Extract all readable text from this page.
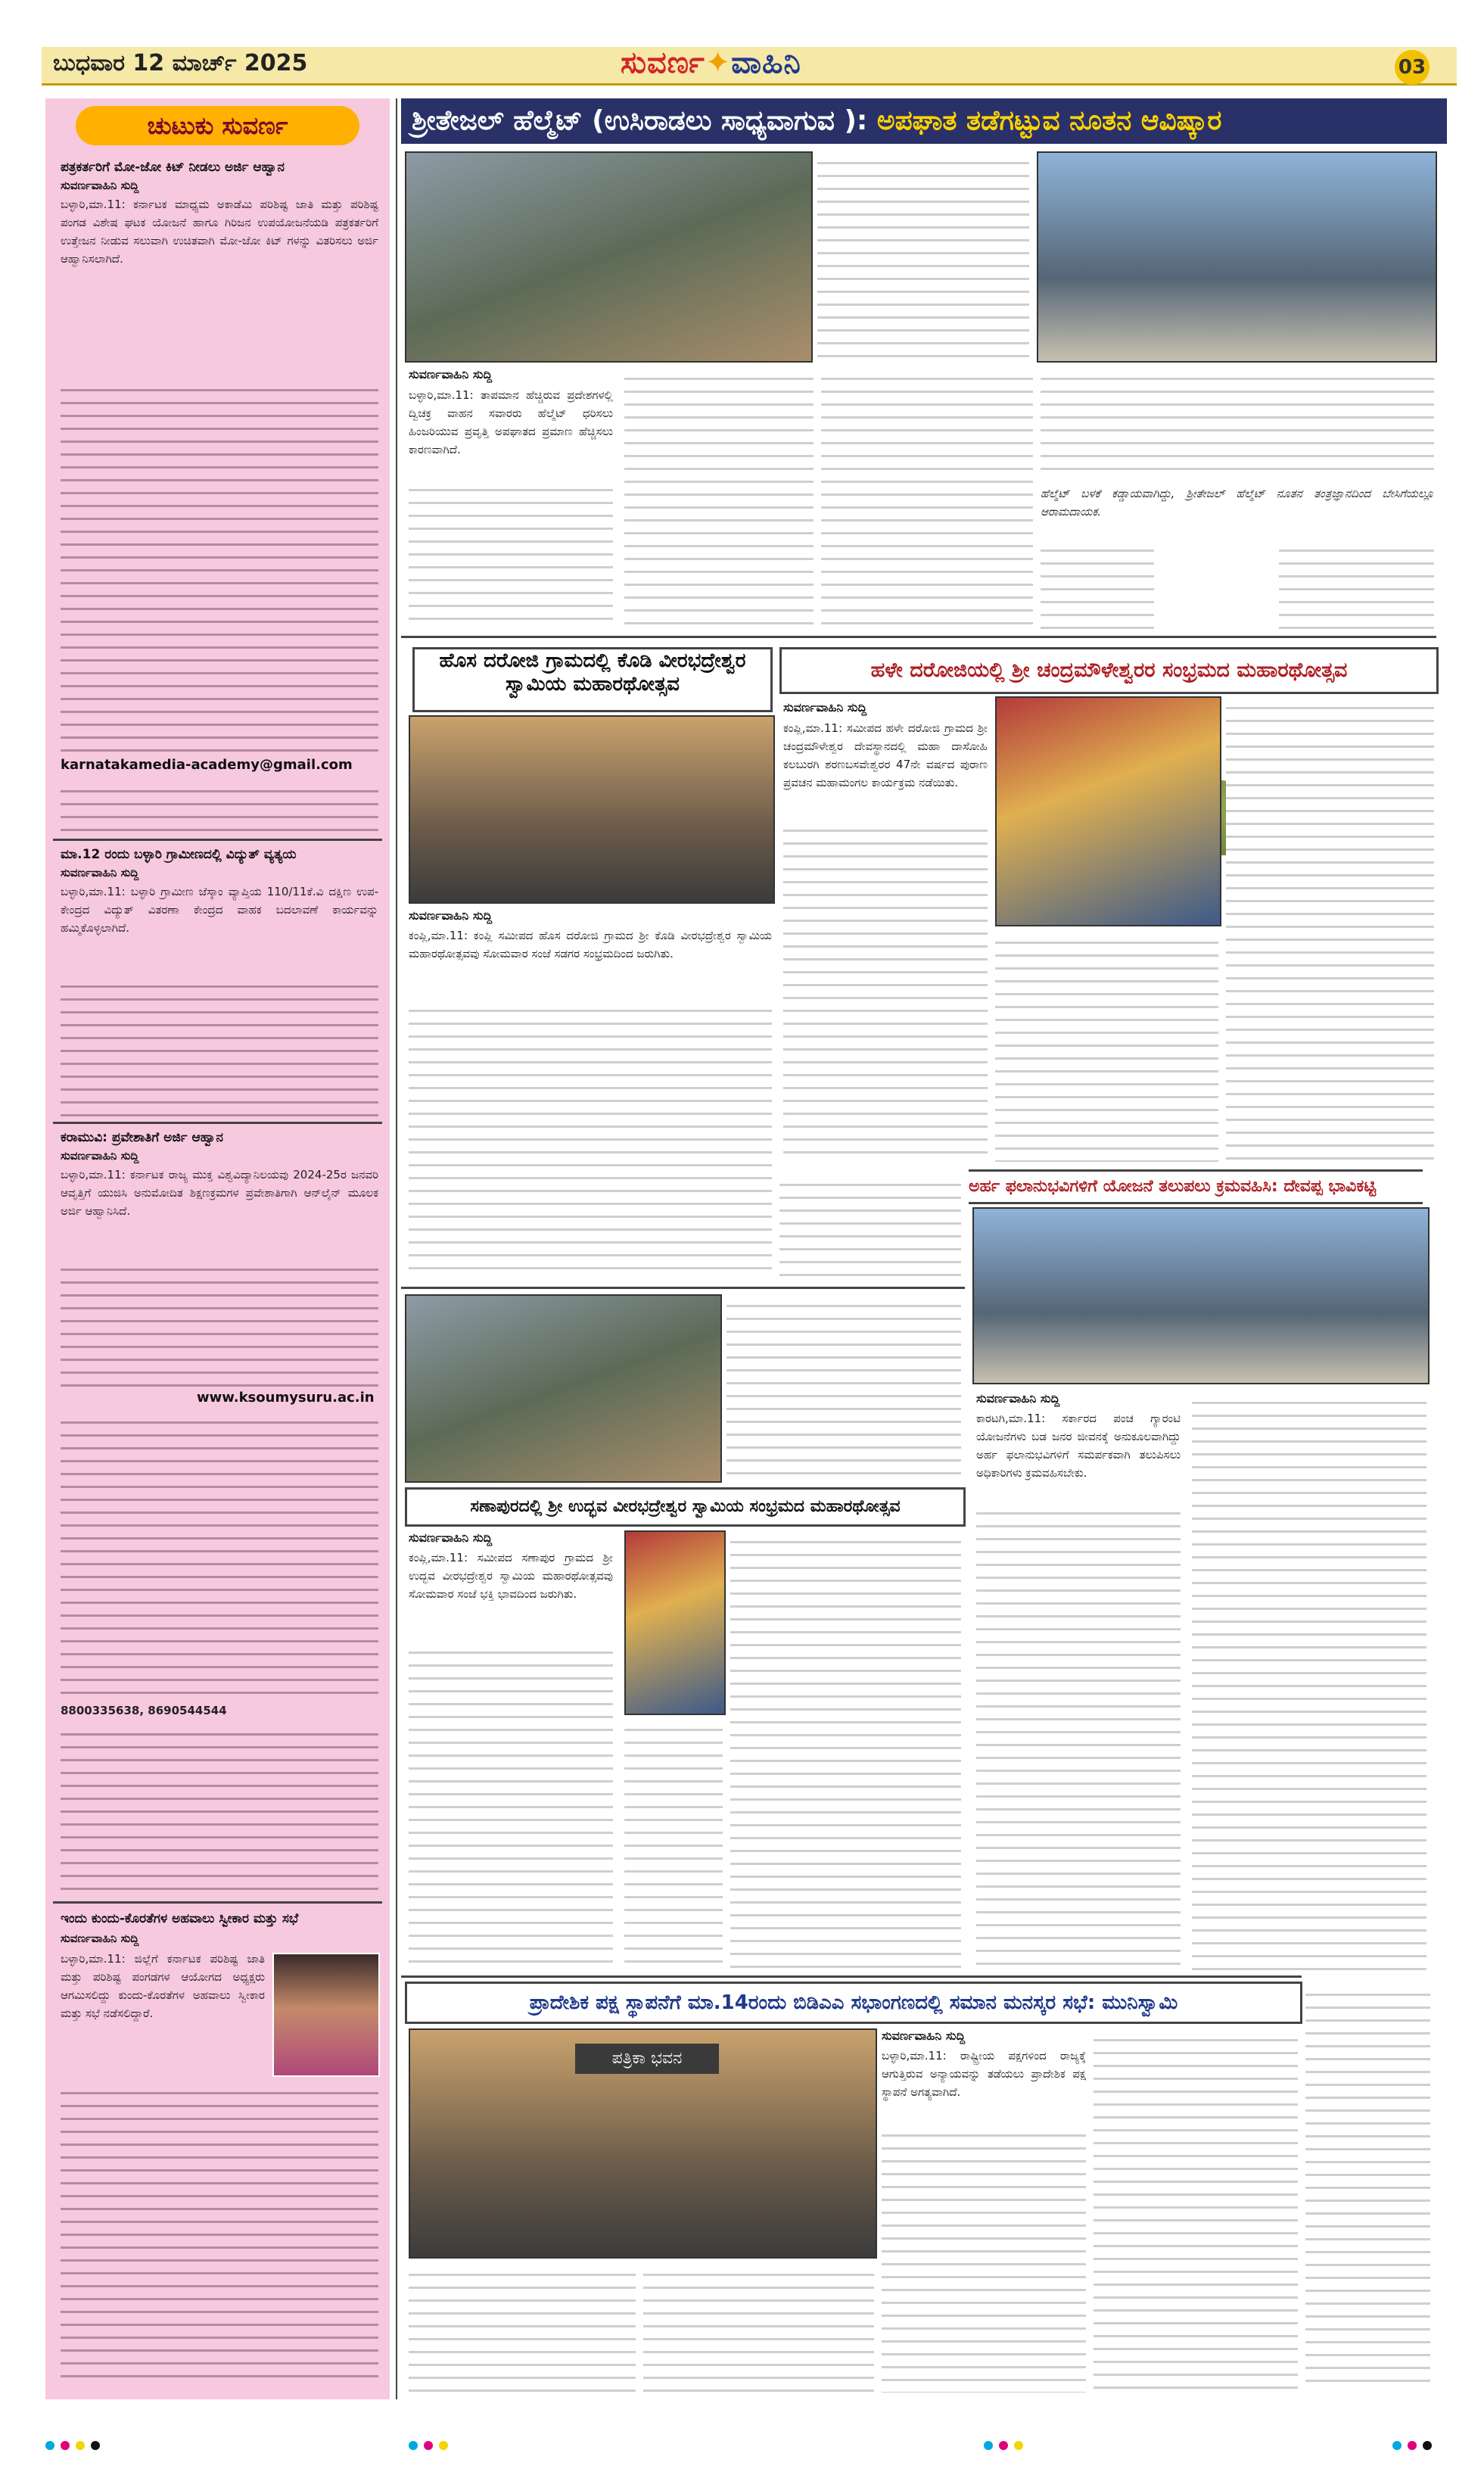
ಬುಧವಾರ 12 ಮಾರ್ಚ್ 2025	ಸುವರ್ಣ✦ವಾಹಿನಿ	03
ಚುಟುಕು ಸುವರ್ಣ
ಪತ್ರಕರ್ತರಿಗೆ ಮೋ-ಜೋ ಕಿಟ್ ನೀಡಲು ಅರ್ಜಿ ಆಹ್ವಾನ
ಸುವರ್ಣವಾಹಿನಿ ಸುದ್ದಿ
ಬಳ್ಳಾರಿ,ಮಾ.11: ಕರ್ನಾಟಕ ಮಾಧ್ಯಮ ಅಕಾಡೆಮಿ ಪರಿಶಿಷ್ಟ ಜಾತಿ ಮತ್ತು ಪರಿಶಿಷ್ಟ ಪಂಗಡ ವಿಶೇಷ ಘಟಕ ಯೋಜನೆ ಹಾಗೂ ಗಿರಿಜನ ಉಪಯೋಜನೆಯಡಿ ಪತ್ರಕರ್ತರಿಗೆ ಉತ್ತೇಜನ ನೀಡುವ ಸಲುವಾಗಿ ಉಚಿತವಾಗಿ ಮೋ-ಜೋ ಕಿಟ್ ಗಳನ್ನು ವಿತರಿಸಲು ಅರ್ಜಿ ಆಹ್ವಾನಿಸಲಾಗಿದೆ.
karnatakamedia-academy@gmail.com
ಮಾ.12 ರಂದು ಬಳ್ಳಾರಿ ಗ್ರಾಮೀಣದಲ್ಲಿ ವಿದ್ಯುತ್ ವ್ಯತ್ಯಯ
ಸುವರ್ಣವಾಹಿನಿ ಸುದ್ದಿ
ಬಳ್ಳಾರಿ,ಮಾ.11: ಬಳ್ಳಾರಿ ಗ್ರಾಮೀಣ ಜೆಸ್ಕಾಂ ವ್ಯಾಪ್ತಿಯ 110/11ಕೆ.ವಿ ದಕ್ಷಿಣ ಉಪ-ಕೇಂದ್ರದ ವಿದ್ಯುತ್ ವಿತರಣಾ ಕೇಂದ್ರದ ವಾಹಕ ಬದಲಾವಣೆ ಕಾರ್ಯವನ್ನು ಹಮ್ಮಿಕೊಳ್ಳಲಾಗಿದೆ.
ಕರಾಮುವಿ: ಪ್ರವೇಶಾತಿಗೆ ಅರ್ಜಿ ಆಹ್ವಾನ
ಸುವರ್ಣವಾಹಿನಿ ಸುದ್ದಿ
ಬಳ್ಳಾರಿ,ಮಾ.11: ಕರ್ನಾಟಕ ರಾಜ್ಯ ಮುಕ್ತ ವಿಶ್ವವಿದ್ಯಾನಿಲಯವು 2024-25ರ ಜನವರಿ ಆವೃತ್ತಿಗೆ ಯುಜಿಸಿ ಅನುಮೋದಿತ ಶಿಕ್ಷಣಕ್ರಮಗಳ ಪ್ರವೇಶಾತಿಗಾಗಿ ಆನ್‌ಲೈನ್ ಮೂಲಕ ಅರ್ಜಿ ಆಹ್ವಾನಿಸಿದೆ.
www.ksoumysuru.ac.in
8800335638, 8690544544
ಇಂದು ಕುಂದು-ಕೊರತೆಗಳ ಅಹವಾಲು ಸ್ವೀಕಾರ ಮತ್ತು ಸಭೆ
ಸುವರ್ಣವಾಹಿನಿ ಸುದ್ದಿ
ಬಳ್ಳಾರಿ,ಮಾ.11: ಜಿಲ್ಲೆಗೆ ಕರ್ನಾಟಕ ಪರಿಶಿಷ್ಟ ಜಾತಿ ಮತ್ತು ಪರಿಶಿಷ್ಟ ಪಂಗಡಗಳ ಆಯೋಗದ ಅಧ್ಯಕ್ಷರು ಆಗಮಿಸಲಿದ್ದು ಕುಂದು-ಕೊರತೆಗಳ ಅಹವಾಲು ಸ್ವೀಕಾರ ಮತ್ತು ಸಭೆ ನಡೆಸಲಿದ್ದಾರೆ.
ಶ್ರೀತೇಜಲ್ ಹೆಲ್ಮೆಟ್ (ಉಸಿರಾಡಲು ಸಾಧ್ಯವಾಗುವ ): ಅಪಘಾತ ತಡೆಗಟ್ಟುವ ನೂತನ ಆವಿಷ್ಕಾರ
ಸುವರ್ಣವಾಹಿನಿ ಸುದ್ದಿ
ಬಳ್ಳಾರಿ,ಮಾ.11: ತಾಪಮಾನ ಹೆಚ್ಚಿರುವ ಪ್ರದೇಶಗಳಲ್ಲಿ ದ್ವಿಚಕ್ರ ವಾಹನ ಸವಾರರು ಹೆಲ್ಮೆಟ್ ಧರಿಸಲು ಹಿಂಜರಿಯುವ ಪ್ರವೃತ್ತಿ ಅಪಘಾತದ ಪ್ರಮಾಣ ಹೆಚ್ಚಿಸಲು ಕಾರಣವಾಗಿದೆ.
ಹೆಲ್ಮೆಟ್ ಬಳಕೆ ಕಡ್ಡಾಯವಾಗಿದ್ದು, ಶ್ರೀತೇಜಲ್ ಹೆಲ್ಮೆಟ್ ನೂತನ ತಂತ್ರಜ್ಞಾನದಿಂದ ಬೇಸಿಗೆಯಲ್ಲೂ ಆರಾಮದಾಯಕ.
ಹೊಸ ದರೋಜಿ ಗ್ರಾಮದಲ್ಲಿ ಕೊಡಿ ವೀರಭದ್ರೇಶ್ವರ ಸ್ವಾಮಿಯ ಮಹಾರಥೋತ್ಸವ
ಸುವರ್ಣವಾಹಿನಿ ಸುದ್ದಿ
ಕಂಪ್ಲಿ,ಮಾ.11: ಕಂಪ್ಲಿ ಸಮೀಪದ ಹೊಸ ದರೋಜಿ ಗ್ರಾಮದ ಶ್ರೀ ಕೊಡಿ ವೀರಭದ್ರೇಶ್ವರ ಸ್ವಾಮಿಯ ಮಹಾರಥೋತ್ಸವವು ಸೋಮವಾರ ಸಂಜೆ ಸಡಗರ ಸಂಭ್ರಮದಿಂದ ಜರುಗಿತು.
ಹಳೇ ದರೋಜಿಯಲ್ಲಿ ಶ್ರೀ ಚಂದ್ರಮೌಳೇಶ್ವರರ ಸಂಭ್ರಮದ ಮಹಾರಥೋತ್ಸವ
ಸುವರ್ಣವಾಹಿನಿ ಸುದ್ದಿ
ಕಂಪ್ಲಿ,ಮಾ.11: ಸಮೀಪದ ಹಳೇ ದರೋಜಿ ಗ್ರಾಮದ ಶ್ರೀ ಚಂದ್ರಮೌಳೇಶ್ವರ ದೇವಸ್ಥಾನದಲ್ಲಿ ಮಹಾ ದಾಸೋಹಿ ಕಲಬುರಗಿ ಶರಣಬಸವೇಶ್ವರರ 47ನೇ ವರ್ಷದ ಪುರಾಣ ಪ್ರವಚನ ಮಹಾಮಂಗಲ ಕಾರ್ಯಕ್ರಮ ನಡೆಯಿತು.
ಅರ್ಹ ಫಲಾನುಭವಿಗಳಿಗೆ ಯೋಜನೆ ತಲುಪಲು ಕ್ರಮವಹಿಸಿ: ದೇವಪ್ಪ ಭಾವಿಕಟ್ಟಿ
ಸುವರ್ಣವಾಹಿನಿ ಸುದ್ದಿ
ಕಾರಟಗಿ,ಮಾ.11: ಸರ್ಕಾರದ ಪಂಚ ಗ್ಯಾರಂಟಿ ಯೋಜನೆಗಳು ಬಡ ಜನರ ಜೀವನಕ್ಕೆ ಅನುಕೂಲವಾಗಿದ್ದು ಅರ್ಹ ಫಲಾನುಭವಿಗಳಿಗೆ ಸಮರ್ಪಕವಾಗಿ ತಲುಪಿಸಲು ಅಧಿಕಾರಿಗಳು ಕ್ರಮವಹಿಸಬೇಕು.
ಸಣಾಪುರದಲ್ಲಿ ಶ್ರೀ ಉದ್ಭವ ವೀರಭದ್ರೇಶ್ವರ ಸ್ವಾಮಿಯ ಸಂಭ್ರಮದ ಮಹಾರಥೋತ್ಸವ
ಸುವರ್ಣವಾಹಿನಿ ಸುದ್ದಿ
ಕಂಪ್ಲಿ,ಮಾ.11: ಸಮೀಪದ ಸಣಾಪುರ ಗ್ರಾಮದ ಶ್ರೀ ಉದ್ಭವ ವೀರಭದ್ರೇಶ್ವರ ಸ್ವಾಮಿಯ ಮಹಾರಥೋತ್ಸವವು ಸೋಮವಾರ ಸಂಜೆ ಭಕ್ತಿ ಭಾವದಿಂದ ಜರುಗಿತು.
ಪ್ರಾದೇಶಿಕ ಪಕ್ಷ ಸ್ಥಾಪನೆಗೆ ಮಾ.14ರಂದು ಬಿಡಿಎಎ ಸಭಾಂಗಣದಲ್ಲಿ ಸಮಾನ ಮನಸ್ಕರ ಸಭೆ: ಮುನಿಸ್ವಾಮಿ
ಪತ್ರಿಕಾ ಭವನ
ಸುವರ್ಣವಾಹಿನಿ ಸುದ್ದಿ
ಬಳ್ಳಾರಿ,ಮಾ.11: ರಾಷ್ಟ್ರೀಯ ಪಕ್ಷಗಳಿಂದ ರಾಜ್ಯಕ್ಕೆ ಆಗುತ್ತಿರುವ ಅನ್ಯಾಯವನ್ನು ತಡೆಯಲು ಪ್ರಾದೇಶಿಕ ಪಕ್ಷ ಸ್ಥಾಪನೆ ಅಗತ್ಯವಾಗಿದೆ.
